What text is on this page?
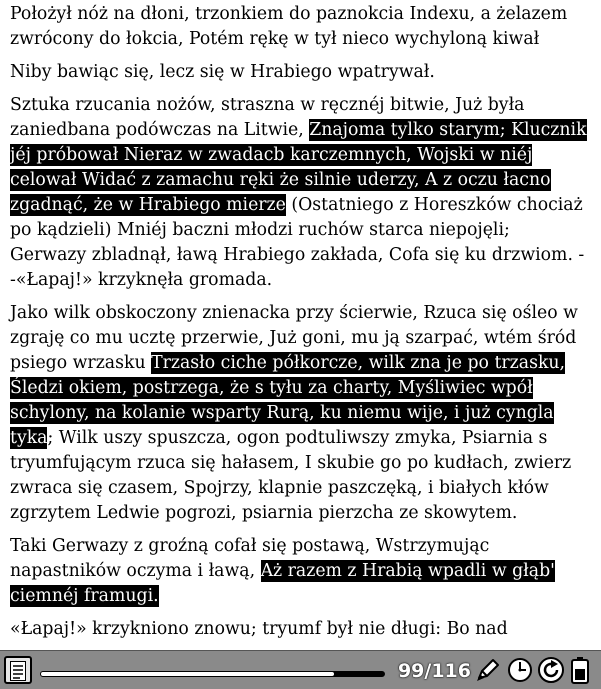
Położył nóż na dłoni, trzonkiem do paznokcia Indexu, a żelazem zwrócony do łokcia, Potém rękę w tył nieco wychyloną kiwał

Niby bawiąc się, lecz się w Hrabiego wpatrywał.

Sztuka rzucania nożów, straszna w ręcznéj bitwie, Już była zaniedbana podówczas na Litwie, Znajoma tylko starym; Klucznik jéj próbował Nieraz w zwadacb karczemnych, Wojski w niéj celował Widać z zamachu ręki że silnie uderzy, A z oczu łacno zgadnąć, że w Hrabiego mierze (Ostatniego z Horeszków chociaż po kądzieli) Mniéj baczni młodzi ruchów starca niepojęli; Gerwazy zbladnął, ławą Hrabiego zakłada, Cofa się ku drzwiom. --«Łapaj!» krzyknęła gromada.

Jako wilk obskoczony znienacka przy ścierwie, Rzuca się ośleo w zgraję co mu ucztę przerwie, Już goni, mu ją szarpać, wtém śród psiego wrzasku Trzasło ciche półkorcze, wilk zna je po trzasku, Śledzi okiem, postrzega, że s tyłu za charty, Myśliwiec wpół schylony, na kolanie wsparty Rurą, ku niemu wije, i już cyngla tyka; Wilk uszy spuszcza, ogon podtuliwszy zmyka, Psiarnia s tryumfującym rzuca się hałasem, I skubie go po kudłach, zwierz zwraca się czasem, Spojrzy, klapnie paszczęką, i białych kłów zgrzytem Ledwie pogrozi, psiarnia pierzcha ze skowytem.

Taki Gerwazy z groźną cofał się postawą, Wstrzymując napastników oczyma i ławą, Aż razem z Hrabią wpadli w głąb' ciemnéj framugi.

«Łapaj!» krzykniono znowu; tryumf był nie długi: Bo nad

99/116
